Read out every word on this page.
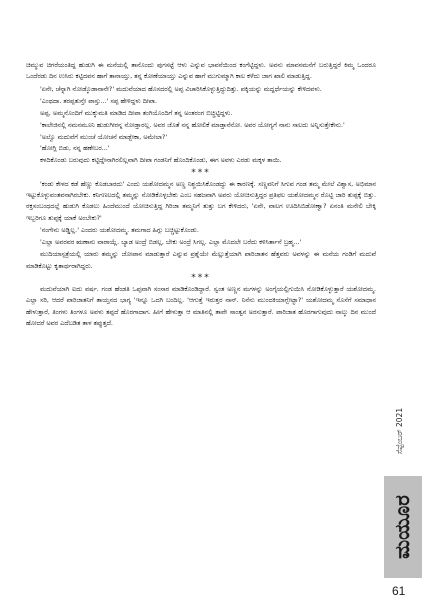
ಚಿಮ್ಮುವ ಚಿಗರೆಯಂತಿದ್ದ ಹುಡುಗಿ ಈ ಮನೆಯಲ್ಲಿ ತಾನೊಂದು ಪುಗಸಟ್ಟೆ ಆಳು ಎನ್ನುವ ಭಾವನೆಯಿಂದ ಕಂಗೆಟ್ಟಿದ್ದಳು. ಅವನು ಮಾವನಮನೆಗೆ ಬರುತ್ತಿದ್ದರೆ ಕಿಮ್ಮ ಒಂದರೂ ಒಂದೆರಡು ದಿನ ಉಸಿರು ಕಟ್ಟಿದವನ ಹಾಗೆ ತಾನಾಯ್ತು, ತನ್ನ ಕೋಣೆಯಾಯ್ತು ಎನ್ನುವ ಹಾಗೆ ಮುಗುಮ್ಮಾಗಿ ಕಾಲ ಕಳೆದು ಜಾಗ ಖಾಲಿ ಮಾಡುತ್ತಿದ್ದ.

'ಏನೇ, ಚೆನ್ನಾಗಿ ನೋಡ್ಕೊಡಾನಾನೇ?' ಮದುವೆಯಾದ ಹೊಸದರಲ್ಲಿ ಅಪ್ಪ ವಿಚಾರಿಸಿಕೊಳ್ಳುತ್ತಿದ್ದುದಿತ್ತು. ಪಕ್ಕಿಯನ್ನು ಮದ್ದರ್ಧೆಯನ್ನು ಕೇಳಿದವಳು.

'ಎಂಥದಾ. ತರಪ್ಪತುನ್ತೇ ಪಾಸ್ತು...' ಸಪ್ಪ ಹೇಳಿದ್ದಳು ದೀಪಾ.

ಅಪ್ಪ, ಅಮ್ಮನೊಂದಿಗೆ ಮುಕ್ಕುಮತಿ ಮಾಡಿದ ದೀಪಾ ತಂಗಿಯೊಂದಿಗೆ ತನ್ನ ಅಂತರಂಗ ಬಿಚ್ಚಿಟ್ಟಿದ್ದಳು.

'ಕಾಲೇಜಿನಲ್ಲಿ ನಮನಮೂನಿ ಹುಡುಗೀರನ್ನ ನೋಡ್ತಾರಲ್ಲ. ಅವರ ಜೊತೆ ನನ್ನ ಹೋಲಿಕೆ ಮಾಡ್ತಾನೆನೋ. ಅವರ ಯೋಗ್ಯಗೆ ನಾನು ಸಾಲದು ಅನ್ನಿಸುತ್ತೇಕೇನು.'

'ಅಲ್ವೊ ಮದುವೆಗೆ ಮುಂಚೆ ಯೋಚನೆ ಮಾಡ್ಬೇಕಾ, ಅಮೇಲಾ?'

'ಹೋಗ್ಲಿ ಬಿಡು, ನನ್ನ ಹಣೇಬರ...'

ಕಳದಿಕೊಂಡು ಬರುವುದು ಕಟ್ಟಿದ್ದೇನಾಗಿರಲಿಲ್ಲವಾಗಿ ದೀಪಾ ಗಂಡನಿಗೆ ಹೊಂದಿಕೊಂಡು, ಈಗ ಅವಳು ಎರಡು ಮಕ್ಕಳ ತಾಯಿ.

***

'ಕಂಡು ಕೇಳದ ಕಡೆ ಹೆಣ್ಣು ಕೊಡಬಾರದು' ಎಂದು ಯಶೋದಮ್ಮನ ಅಣ್ಣ ನಿಶ್ಚಯಿಸಿಕೊಂಡದ್ದು ಈ ಕಾರಣಕ್ಕೆ. ಸಣ್ಣವನಿಗೆ ಸಿಗುವ ಗಂಡ ತಮ್ಮ ಮೇಲೆ ವಿಶ್ವಾಸ, ಅಭಿಮಾನ ಇಟ್ಟುಕೊಳ್ಳುವಂತವನಾಗಿರಬೇಕು. ಕನಿಗಣಲದಲ್ಲಿ ತಮ್ಮನ್ನು ನೋಡಿಕೊಳ್ಳಬೇಕು ಎಂಬ ಸಹಜವಾಗಿ ಅವರು ಯೋಚಿಸುತ್ತಿದ್ದರ ಪ್ರತಿಫಲ ಯಶೋದಮ್ಮನ ರೊಟ್ಟಿ ಜಾರಿ ತುಪ್ಪಕ್ಕೆ ಬಿತ್ತು. ರಕ್ತಸಂಬಂಧದಲ್ಲೆ ಹುಡುಗಿ ಕೊಡಲು ಹಿಂದೆಮುಂದೆ ಯೋಚಿಸುತ್ತಿದ್ದ ಗಿರಿಜಾ ತಮ್ಮನಿಗೆ ತುತ್ತು ಬಗ ಕೇಳಿದರು, 'ಏನೇ, ವಾಲಗ ಊದಿಸಿಬಿಡೋಣ್ವಾ? ಏನಂತಿ ಮನೇಲಿ ಬೇಕ್ಕಿ ಇಬ್ಬರಿಗೂ ತುಪ್ಪಕ್ಕೆ ಯಾಕೆ ಅಂಬೇಕು?'

'ನಂಗೇನು ಅಡ್ಡಿಲ್ಲ.' ಎಂದರು ಯಶೋದಮ್ಮ. ತಮಗಾದ ಹಿಗ್ಗು ಬಚ್ಚಿಟ್ಟುಕೊಂಡು.

'ಎಲ್ಲಾ ಅವರವರ ಋಣಾನು ವಾರಾಯ್ಲೆ. ಬ್ಯಾಡ ಅಂದ್ರೆ ಬಿಡಲ್ಲ, ಬೇಕು ಅಂದ್ರೆ ಸಿಗಲ್ಲ. ಎಲ್ಲಾ ಮೊದಲೇ ಬರೆದು ಕಳಿಸಿರ್ತಾನೆ ಬ್ರಹ್ಮ...'

ಮುದಿಯಾಸ್ಪತ್ರೆಯಲ್ಲಿ ಯಾರು ತಮ್ಮನ್ನು ಜೋಪಾನ ಮಾಡುತ್ತಾರೆ ಎನ್ನುವ ಪ್ರಶ್ನೆಯೇ ಮೆಲ್ಲುತ್ತೆಯಾಗಿ ಪಾರಿಜಾತನ ಹೆತ್ತವರು ಅವಳನ್ನು ಈ ಮನೆಯ ಗಂಡಿಗೆ ಮದುವೆ ಮಾಡಿಕೊಟ್ಟು ಕೃತಾರ್ಥರಾಗಿದ್ದರು.

***

ಮದುವೆಯಾಗಿ ಐದು ವರ್ಷ. ಗಂಡ ಹೆಂಡತಿ ಒಪ್ಪವಾಗಿ ಸಂಸಾರ ಮಾಡಿಕೊಂಡಿದ್ದಾರೆ. ಸ್ವಂತ ಅಣ್ಣನ ಮಗಳನ್ನು ಅಂಗೈಯಲ್ಲಿಗುಯಿಸಿ ನೋಡಿಕೊಳ್ಳುತ್ತಾರೆ ಯಶೋದಮ್ಮ. ಎಲ್ಲಾ ಸರಿ, ಆದರೆ ಪಾರಿಜಾತನಿಗೆ ತಾಯ್ತನದ ಭಾಗ್ಯ 'ಇನ್ನೂ ಒದಗಿ ಬಂದಿಲ್ಲ. 'ಆಗುತ್ತೆ ಇರುತ್ತರ ನಾನ್. ನಿನೆನು ಮುಂದಕಿಯಾಗ್ಬೇಟ್ಟಾ?' ಯಶೋದಮ್ಮ ಸೊಸೆಗೆ ಸಮಾಧಾನ ಹೇಳುತ್ತಾರೆ, ತಿಂಗಳು ತಿಂಗಳೂ ಅವಳು ತಪ್ಪದೆ ಹೊರಗಾದಾಗ. ಹೀಗೆ ಹೇಳುತ್ತಾ ಆ ಮಾತಿನಲ್ಲಿ ತಾವೇ ಸಾಂತ್ವನ ಅರಸುತ್ತಾರೆ. ಪಾರಿಜಾತ ಹೊರಗಾಗುವುದು ನಾಲ್ಕು ದಿನ ಮುಂದೆ ಹೋದರೆ ಅವರ ಎದೆಬಡಿತ ತಾಳ ತಪ್ಪುತ್ತದೆ.

ಸೆಪ್ಟೆಂಬರ್ 2021
ಮಯೂರ
61
